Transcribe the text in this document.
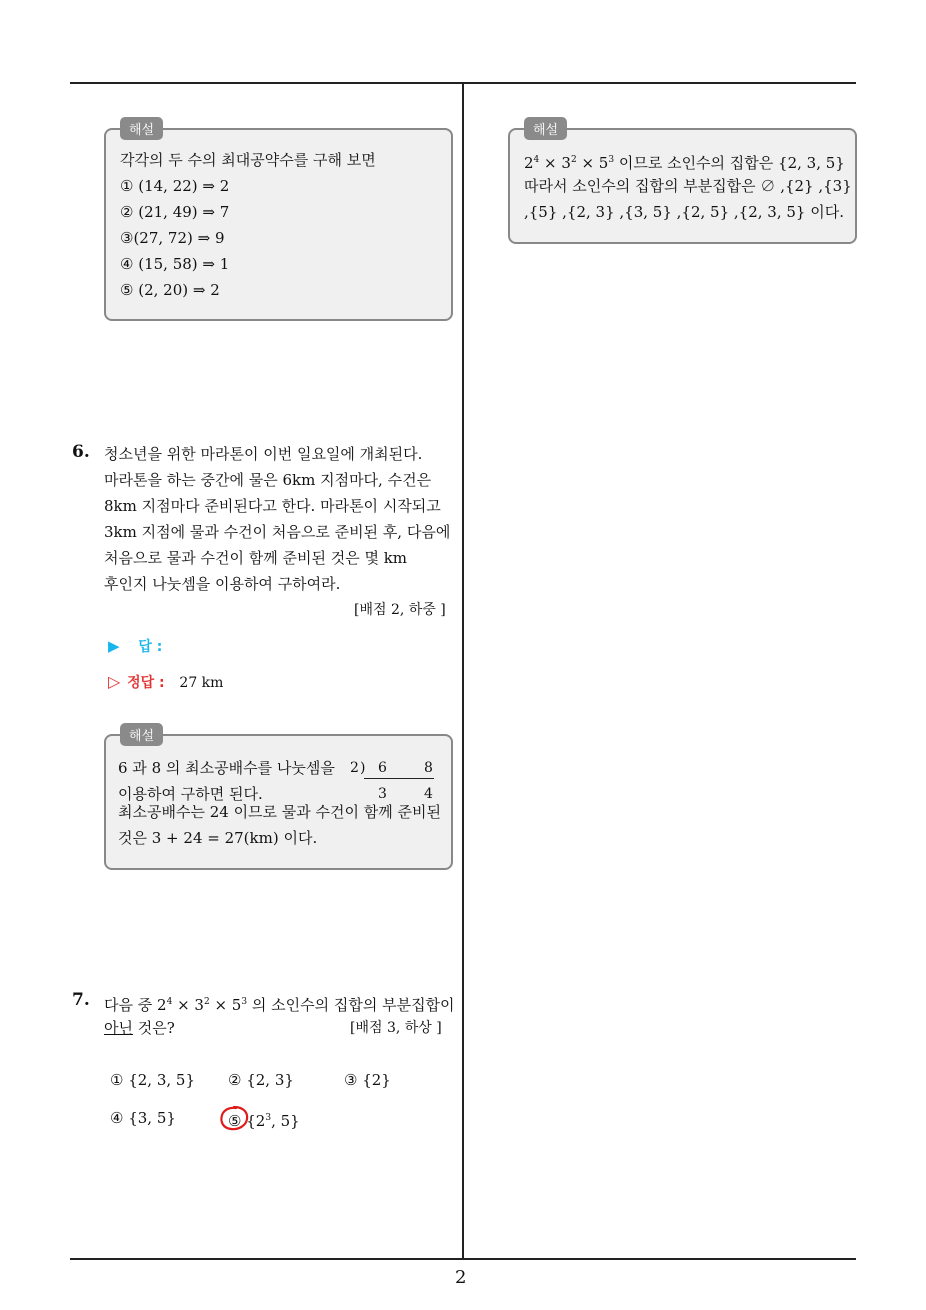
각각의 두 수의 최대공약수를 구해 보면
① (14, 22) ⇒ 2
② (21, 49) ⇒ 7
③(27, 72) ⇒ 9
④ (15, 58) ⇒ 1
⑤ (2, 20) ⇒ 2
해설
6. 청소년을 위한 마라톤이 이번 일요일에 개최된다.
마라톤을 하는 중간에 물은 6km 지점마다, 수건은
8km 지점마다 준비된다고 한다. 마라톤이 시작되고
3km 지점에 물과 수건이 처음으로 준비된 후, 다음에
처음으로 물과 수건이 함께 준비된 것은 몇 km
후인지 나눗셈을 이용하여 구하여라.
[배점 2, 하중 ]
▶ 답 :
▷ 정답 : 27 km
6 과 8 의 최소공배수를 나눗셈을
이용하여 구하면 된다.
최소공배수는 24 이므로 물과 수건이 함께 준비된
것은 3 + 24 = 27(km) 이다.
2 ) 6	8
3	4
해설
7. 다음 중 $2^4 \times 3^2 \times 5^3$ 의 소인수의 집합의 부분집합이
아닌 것은?	[배점 3, 하상 ]
① {2, 3, 5} ② {2, 3}	③ {2}
④ {3, 5}	⑤ {$2^3$, 5}
$2^4 \times 3^2 \times 5^3$ 이므로 소인수의 집합은 {2, 3, 5}
따라서 소인수의 집합의 부분집합은 ∅ ,{2} ,{3}
,{5} ,{2, 3} ,{3, 5} ,{2, 5} ,{2, 3, 5} 이다.
해설
2
